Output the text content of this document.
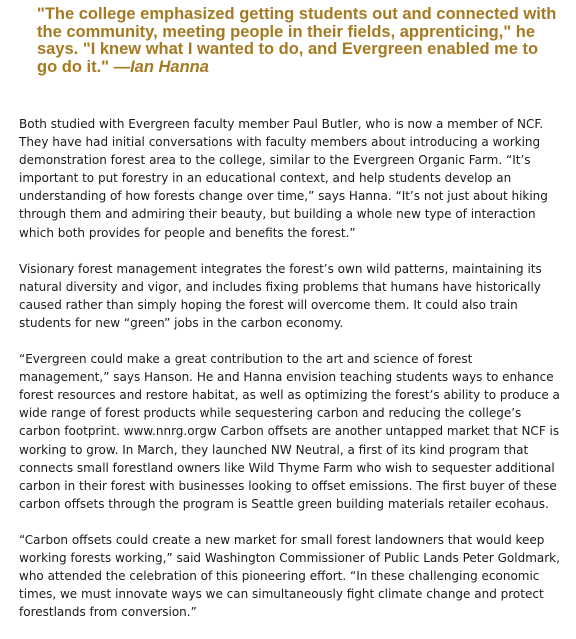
"The college emphasized getting students out and connected with the community, meeting people in their fields, apprenticing," he says. "I knew what I wanted to do, and Evergreen enabled me to go do it." —Ian Hanna

Both studied with Evergreen faculty member Paul Butler, who is now a member of NCF. They have had initial conversations with faculty members about introducing a working demonstration forest area to the college, similar to the Evergreen Organic Farm. “It’s important to put forestry in an educational context, and help students develop an understanding of how forests change over time,” says Hanna. “It’s not just about hiking through them and admiring their beauty, but building a whole new type of interaction which both provides for people and benefits the forest.”

Visionary forest management integrates the forest’s own wild patterns, maintaining its natural diversity and vigor, and includes fixing problems that humans have historically caused rather than simply hoping the forest will overcome them. It could also train students for new “green” jobs in the carbon economy.

“Evergreen could make a great contribution to the art and science of forest management,” says Hanson. He and Hanna envision teaching students ways to enhance forest resources and restore habitat, as well as optimizing the forest’s ability to produce a wide range of forest products while sequestering carbon and reducing the college’s carbon footprint. www.nnrg.orgw Carbon offsets are another untapped market that NCF is working to grow. In March, they launched NW Neutral, a first of its kind program that connects small forestland owners like Wild Thyme Farm who wish to sequester additional carbon in their forest with businesses looking to offset emissions. The first buyer of these carbon offsets through the program is Seattle green building materials retailer ecohaus.

“Carbon offsets could create a new market for small forest landowners that would keep working forests working,” said Washington Commissioner of Public Lands Peter Goldmark, who attended the celebration of this pioneering effort. “In these challenging economic times, we must innovate ways we can simultaneously fight climate change and protect forestlands from conversion.”
